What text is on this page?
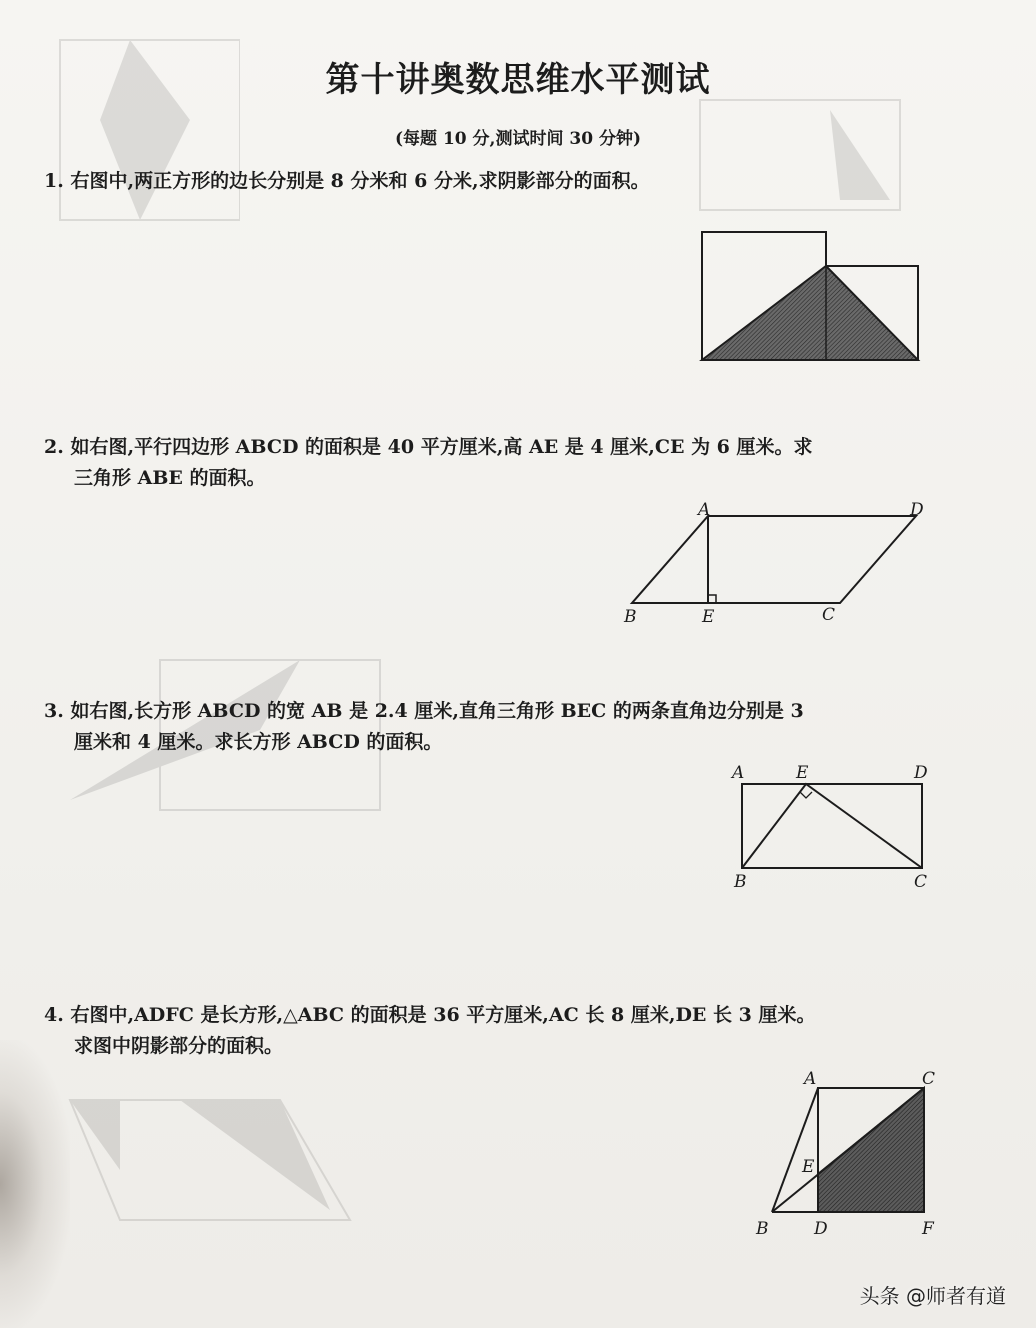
第十讲奥数思维水平测试
(每题 10 分,测试时间 30 分钟)
1. 右图中,两正方形的边长分别是 8 分米和 6 分米,求阴影部分的面积。
2. 如右图,平行四边形 ABCD 的面积是 40 平方厘米,高 AE 是 4 厘米,CE 为 6 厘米。求
三角形 ABE 的面积。
A	D
B	E	C
3. 如右图,长方形 ABCD 的宽 AB 是 2.4 厘米,直角三角形 BEC 的两条直角边分别是 3
厘米和 4 厘米。求长方形 ABCD 的面积。
A	E	D
B	C
4. 右图中,ADFC 是长方形,△ABC 的面积是 36 平方厘米,AC 长 8 厘米,DE 长 3 厘米。
求图中阴影部分的面积。
A	C
E
B	D	F
头条 @师者有道
